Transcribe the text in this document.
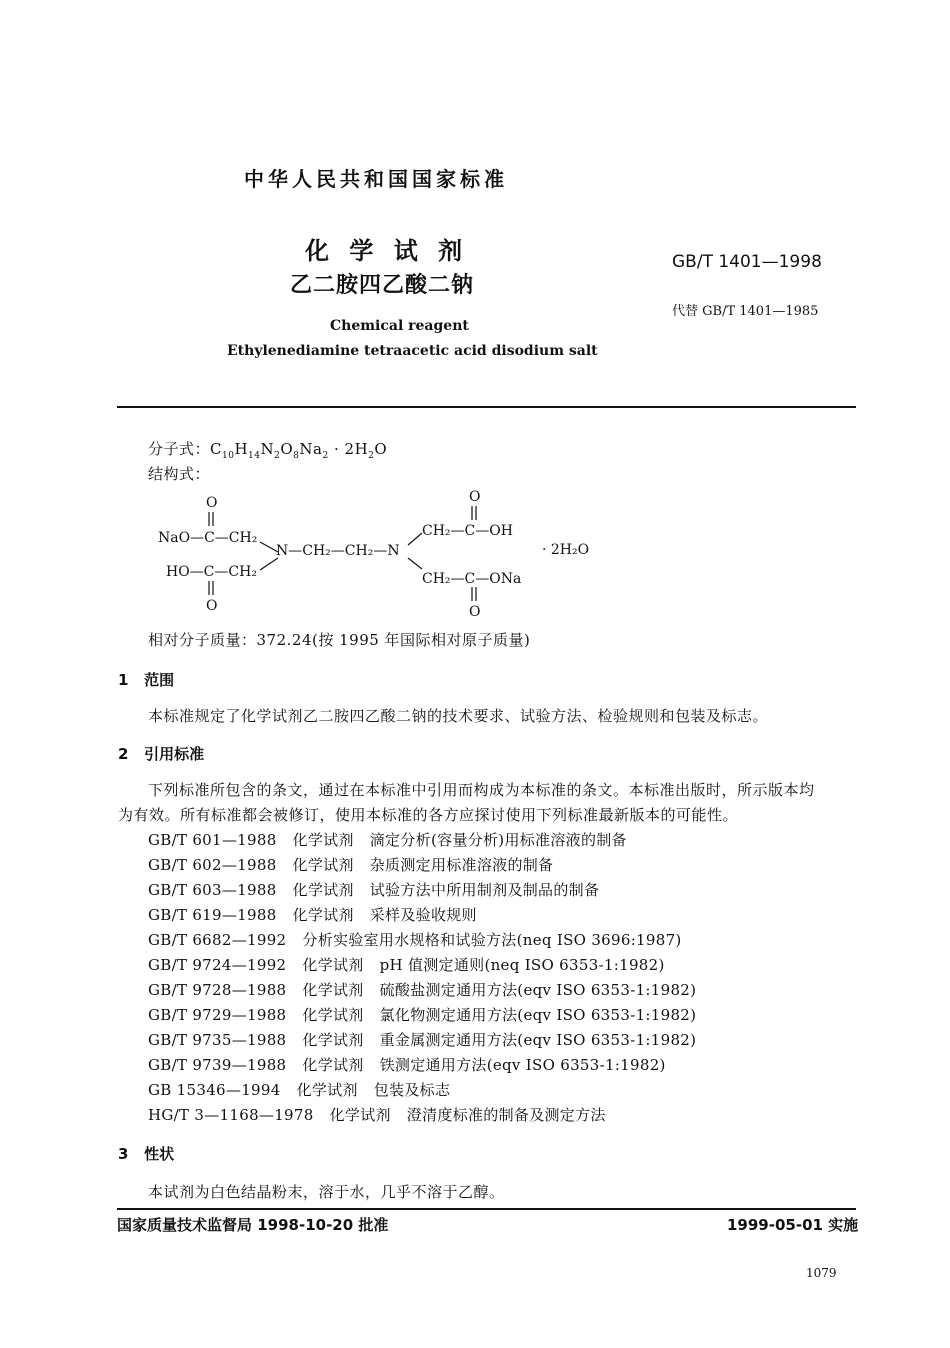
中华人民共和国国家标准
化 学 试 剂
乙二胺四乙酸二钠
Chemical reagent
Ethylenediamine tetraacetic acid disodium salt
GB/T 1401—1998
代替 GB/T 1401—1985
分子式：$C_{10}H_{14}N_2O_8Na_2 \cdot 2H_2O$
结构式：
O
NaO—C—CH₂
N—CH₂—CH₂—N
HO—C—CH₂
O
O
CH₂—C—OH
CH₂—C—ONa
O
· 2H₂O
相对分子质量：372.24(按 1995 年国际相对原子质量)
1 范围
本标准规定了化学试剂乙二胺四乙酸二钠的技术要求、试验方法、检验规则和包装及标志。
2 引用标准
下列标准所包含的条文，通过在本标准中引用而构成为本标准的条文。本标准出版时，所示版本均
为有效。所有标准都会被修订，使用本标准的各方应探讨使用下列标准最新版本的可能性。
GB/T 601—1988 化学试剂 滴定分析(容量分析)用标准溶液的制备
GB/T 602—1988 化学试剂 杂质测定用标准溶液的制备
GB/T 603—1988 化学试剂 试验方法中所用制剂及制品的制备
GB/T 619—1988 化学试剂 采样及验收规则
GB/T 6682—1992 分析实验室用水规格和试验方法(neq ISO 3696:1987)
GB/T 9724—1992 化学试剂 pH 值测定通则(neq ISO 6353-1:1982)
GB/T 9728—1988 化学试剂 硫酸盐测定通用方法(eqv ISO 6353-1:1982)
GB/T 9729—1988 化学试剂 氯化物测定通用方法(eqv ISO 6353-1:1982)
GB/T 9735—1988 化学试剂 重金属测定通用方法(eqv ISO 6353-1:1982)
GB/T 9739—1988 化学试剂 铁测定通用方法(eqv ISO 6353-1:1982)
GB 15346—1994 化学试剂 包装及标志
HG/T 3—1168—1978 化学试剂 澄清度标准的制备及测定方法
3 性状
本试剂为白色结晶粉末，溶于水，几乎不溶于乙醇。
国家质量技术监督局 1998-10-20 批准	1999-05-01 实施
1079
